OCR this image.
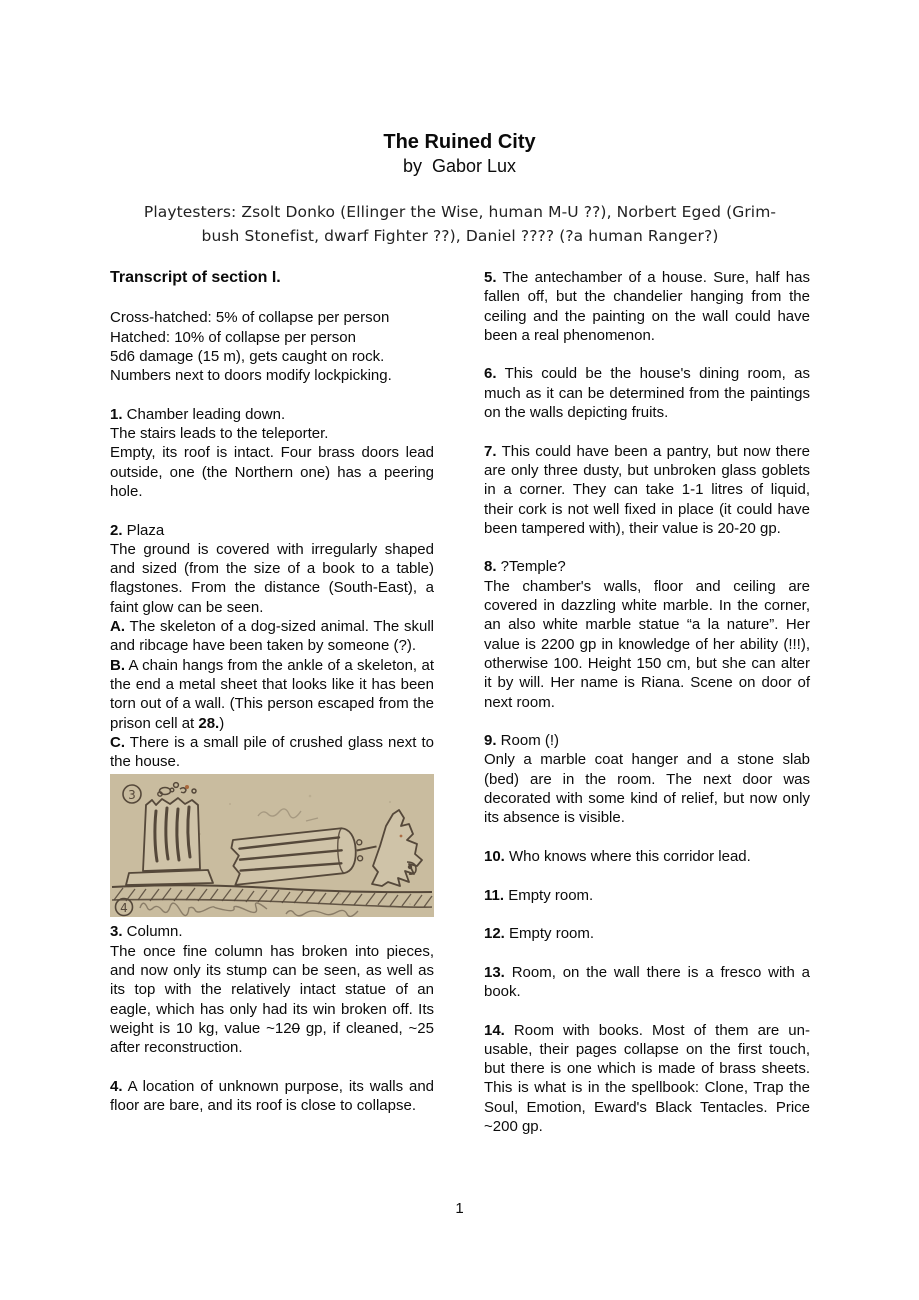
The Ruined City
by  Gabor Lux
Playtesters: Zsolt Donko (Ellinger the Wise, human M-U ??), Norbert Eged (Grim-
bush Stonefist, dwarf Fighter ??), Daniel ???? (?a human Ranger?)

Transcript of section I.

Cross-hatched: 5% of collapse per person

Hatched: 10% of collapse per person

5d6 damage (15 m), gets caught on rock.

Numbers next to doors modify lockpicking.

1. Chamber leading down.

The stairs leads to the teleporter.

Empty, its roof is intact. Four brass doors lead outside, one (the Northern one) has a peering hole.

2. Plaza

The ground is covered with irregularly shaped and sized (from the size of a book to a table) flagstones. From the distance (South-East), a faint glow can be seen.

A. The skeleton of a dog-sized animal. The skull and ribcage have been taken by someone (?).

B. A chain hangs from the ankle of a skeleton, at the end a metal sheet that looks like it has been torn out of a wall. (This person escaped from the prison cell at 28.)

C. There is a small pile of crushed glass next to the house.

3
4

3. Column.

The once fine column has broken into pieces, and now only its stump can be seen, as well as its top with the relatively intact statue of an eagle, which has only had its win broken off. Its weight is 10 kg, value ~120 gp, if cleaned, ~25 after reconstruction.

4. A location of unknown purpose, its walls and floor are bare, and its roof is close to collapse.

5. The antechamber of a house. Sure, half has fallen off, but the chandelier hanging from the ceiling and the painting on the wall could have been a real phenomenon.

6. This could be the house's dining room, as much as it can be determined from the paintings on the walls depicting fruits.

7. This could have been a pantry, but now there are only three dusty, but unbroken glass goblets in a corner. They can take 1-1 litres of liquid, their cork is not well fixed in place (it could have been tampered with), their value is 20-20 gp.

8. ?Temple?

The chamber's walls, floor and ceiling are covered in dazzling white marble. In the corner, an also white marble statue “a la nature”. Her value is 2200 gp in knowledge of her ability (!!!), otherwise 100. Height 150 cm, but she can alter it by will. Her name is Riana. Scene on door of next room.

9. Room (!)

Only a marble coat hanger and a stone slab (bed) are in the room. The next door was decorated with some kind of relief, but now only its absence is visible.

10. Who knows where this corridor lead.

11. Empty room.

12. Empty room.

13. Room, on the wall there is a fresco with a book.

14. Room with books. Most of them are unusable, their pages collapse on the first touch, but there is one which is made of brass sheets. This is what is in the spellbook: Clone, Trap the Soul, Emotion, Eward's Black Tentacles. Price ~200 gp.

1
